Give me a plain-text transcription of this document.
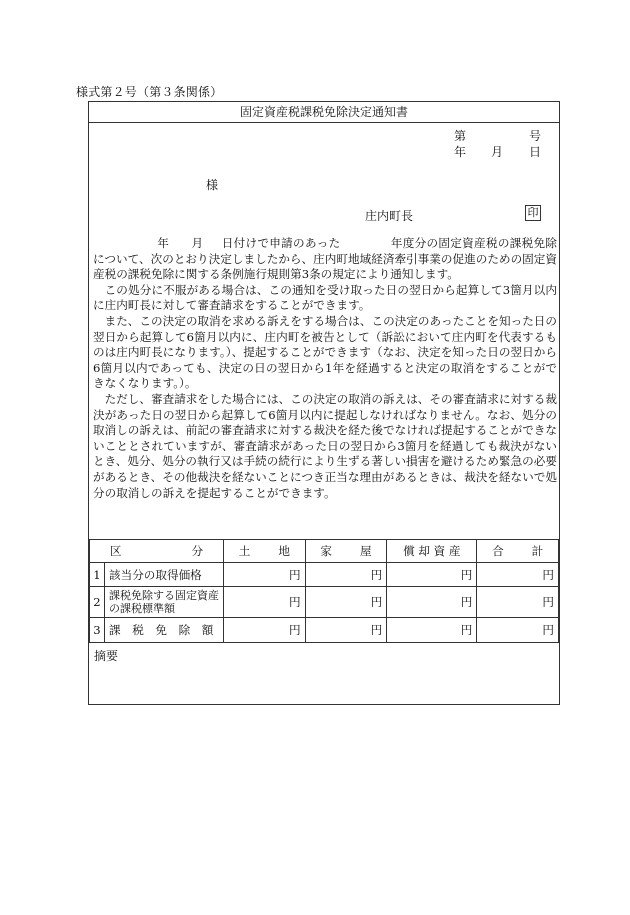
様式第２号（第３条関係）
固定資産税課税免除決定通知書
第	号
年 月 日
様
庄内町長	印

年 月 日付けで申請のあった	年度分の固定資産税の課税免除について、次のとおり決定しましたから、庄内町地域経済牽引事業の促進のための固定資産税の課税免除に関する条例施行規則第3条の規定により通知します。

この処分に不服がある場合は、この通知を受け取った日の翌日から起算して3箇月以内に庄内町長に対して審査請求をすることができます。

また、この決定の取消を求める訴えをする場合は、この決定のあったことを知った日の翌日から起算して6箇月以内に、庄内町を被告として（訴訟において庄内町を代表するものは庄内町長になります。）、提起することができます（なお、決定を知った日の翌日から6箇月以内であっても、決定の日の翌日から1年を経過すると決定の取消をすることができなくなります。）。

ただし、審査請求をした場合には、この決定の取消の訴えは、その審査請求に対する裁決があった日の翌日から起算して6箇月以内に提起しなければなりません。なお、処分の取消しの訴えは、前記の審査請求に対する裁決を経た後でなければ提起することができないこととされていますが、審査請求があった日の翌日から3箇月を経過しても裁決がないとき、処分、処分の執行又は手続の続行により生ずる著しい損害を避けるため緊急の必要があるとき、その他裁決を経ないことにつき正当な理由があるときは、裁決を経ないで処分の取消しの訴えを提起することができます。

区 分		土 地	家 屋	償 却 資 産	合 計
1	該当分の取得価格	円	円	円	円
2	課税免除する固定資産の課税標準額	円	円	円	円
3	課　税　免　除　額	円	円	円	円
摘要
